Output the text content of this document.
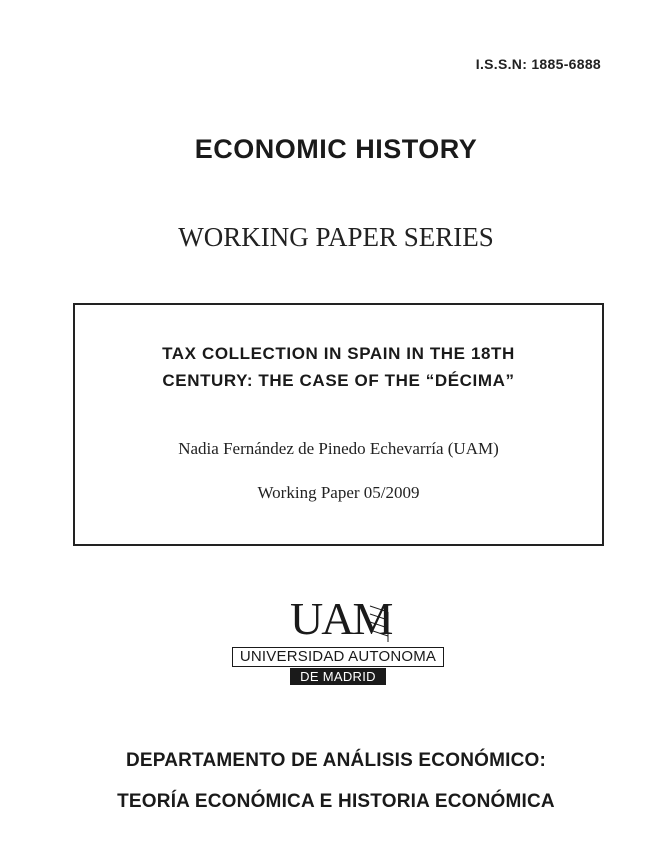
I.S.S.N: 1885-6888
ECONOMIC HISTORY
WORKING PAPER SERIES
TAX COLLECTION IN SPAIN IN THE 18TH
CENTURY: THE CASE OF THE “DÉCIMA”
Nadia Fernández de Pinedo Echevarría (UAM)
Working Paper 05/2009
UAM
UNIVERSIDAD AUTONOMA
DE MADRID
DEPARTAMENTO DE ANÁLISIS ECONÓMICO:
TEORÍA ECONÓMICA E HISTORIA ECONÓMICA
